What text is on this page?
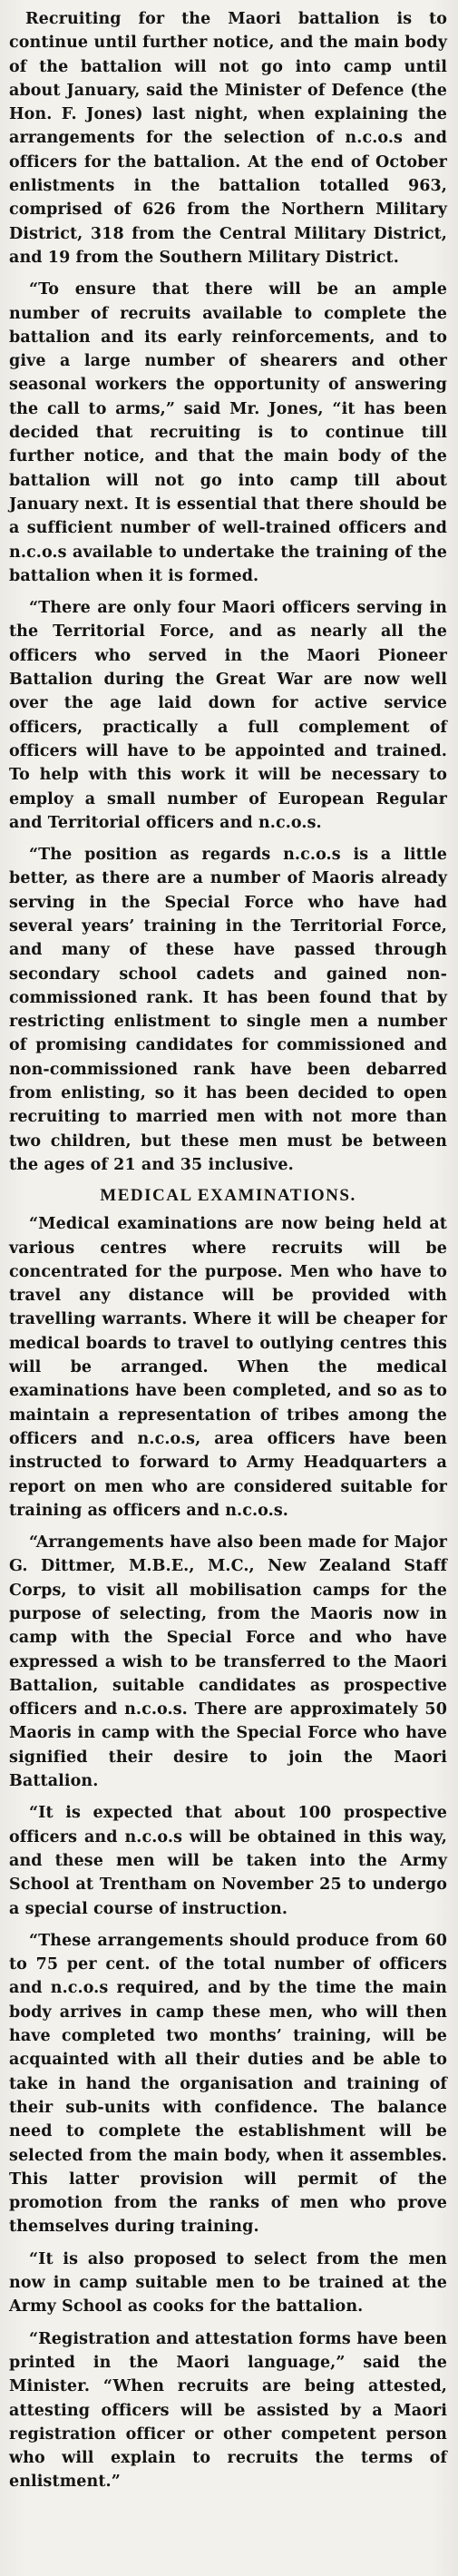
Recruiting for the Maori battalion is to continue until further notice, and the main body of the battalion will not go into camp until about January, said the Minister of Defence (the Hon. F. Jones) last night, when explaining the arrangements for the selection of n.c.o.s and officers for the battalion. At the end of October enlistments in the battalion totalled 963, comprised of 626 from the Northern Military District, 318 from the Central Military District, and 19 from the Southern Military District.

“To ensure that there will be an ample number of recruits available to complete the battalion and its early reinforcements, and to give a large number of shearers and other seasonal workers the opportunity of answering the call to arms,” said Mr. Jones, “it has been decided that recruiting is to continue till further notice, and that the main body of the battalion will not go into camp till about January next. It is essential that there should be a sufficient number of well-trained officers and n.c.o.s available to undertake the training of the battalion when it is formed.

“There are only four Maori officers serving in the Territorial Force, and as nearly all the officers who served in the Maori Pioneer Battalion during the Great War are now well over the age laid down for active service officers, practically a full complement of officers will have to be appointed and trained. To help with this work it will be necessary to employ a small number of European Regular and Territorial officers and n.c.o.s.

“The position as regards n.c.o.s is a little better, as there are a number of Maoris already serving in the Special Force who have had several years’ training in the Territorial Force, and many of these have passed through secondary school cadets and gained non-commissioned rank. It has been found that by restricting enlistment to single men a number of promising candidates for commissioned and non-commissioned rank have been debarred from enlisting, so it has been decided to open recruiting to married men with not more than two children, but these men must be between the ages of 21 and 35 inclusive.

MEDICAL EXAMINATIONS.

“Medical examinations are now being held at various centres where recruits will be concentrated for the purpose. Men who have to travel any distance will be provided with travelling warrants. Where it will be cheaper for medical boards to travel to outlying centres this will be arranged. When the medical examinations have been completed, and so as to maintain a representation of tribes among the officers and n.c.o.s, area officers have been instructed to forward to Army Headquarters a report on men who are considered suitable for training as officers and n.c.o.s.

“Arrangements have also been made for Major G. Dittmer, M.B.E., M.C., New Zealand Staff Corps, to visit all mobilisation camps for the purpose of selecting, from the Maoris now in camp with the Special Force and who have expressed a wish to be transferred to the Maori Battalion, suitable candidates as prospective officers and n.c.o.s. There are approximately 50 Maoris in camp with the Special Force who have signified their desire to join the Maori Battalion.

“It is expected that about 100 prospective officers and n.c.o.s will be obtained in this way, and these men will be taken into the Army School at Trentham on November 25 to undergo a special course of instruction.

“These arrangements should produce from 60 to 75 per cent. of the total number of officers and n.c.o.s required, and by the time the main body arrives in camp these men, who will then have completed two months’ training, will be acquainted with all their duties and be able to take in hand the organisation and training of their sub-units with confidence. The balance need to complete the establishment will be selected from the main body, when it assembles. This latter provision will permit of the promotion from the ranks of men who prove themselves during training.

“It is also proposed to select from the men now in camp suitable men to be trained at the Army School as cooks for the battalion.

“Registration and attestation forms have been printed in the Maori language,” said the Minister. “When recruits are being attested, attesting officers will be assisted by a Maori registration officer or other competent person who will explain to recruits the terms of enlistment.”
